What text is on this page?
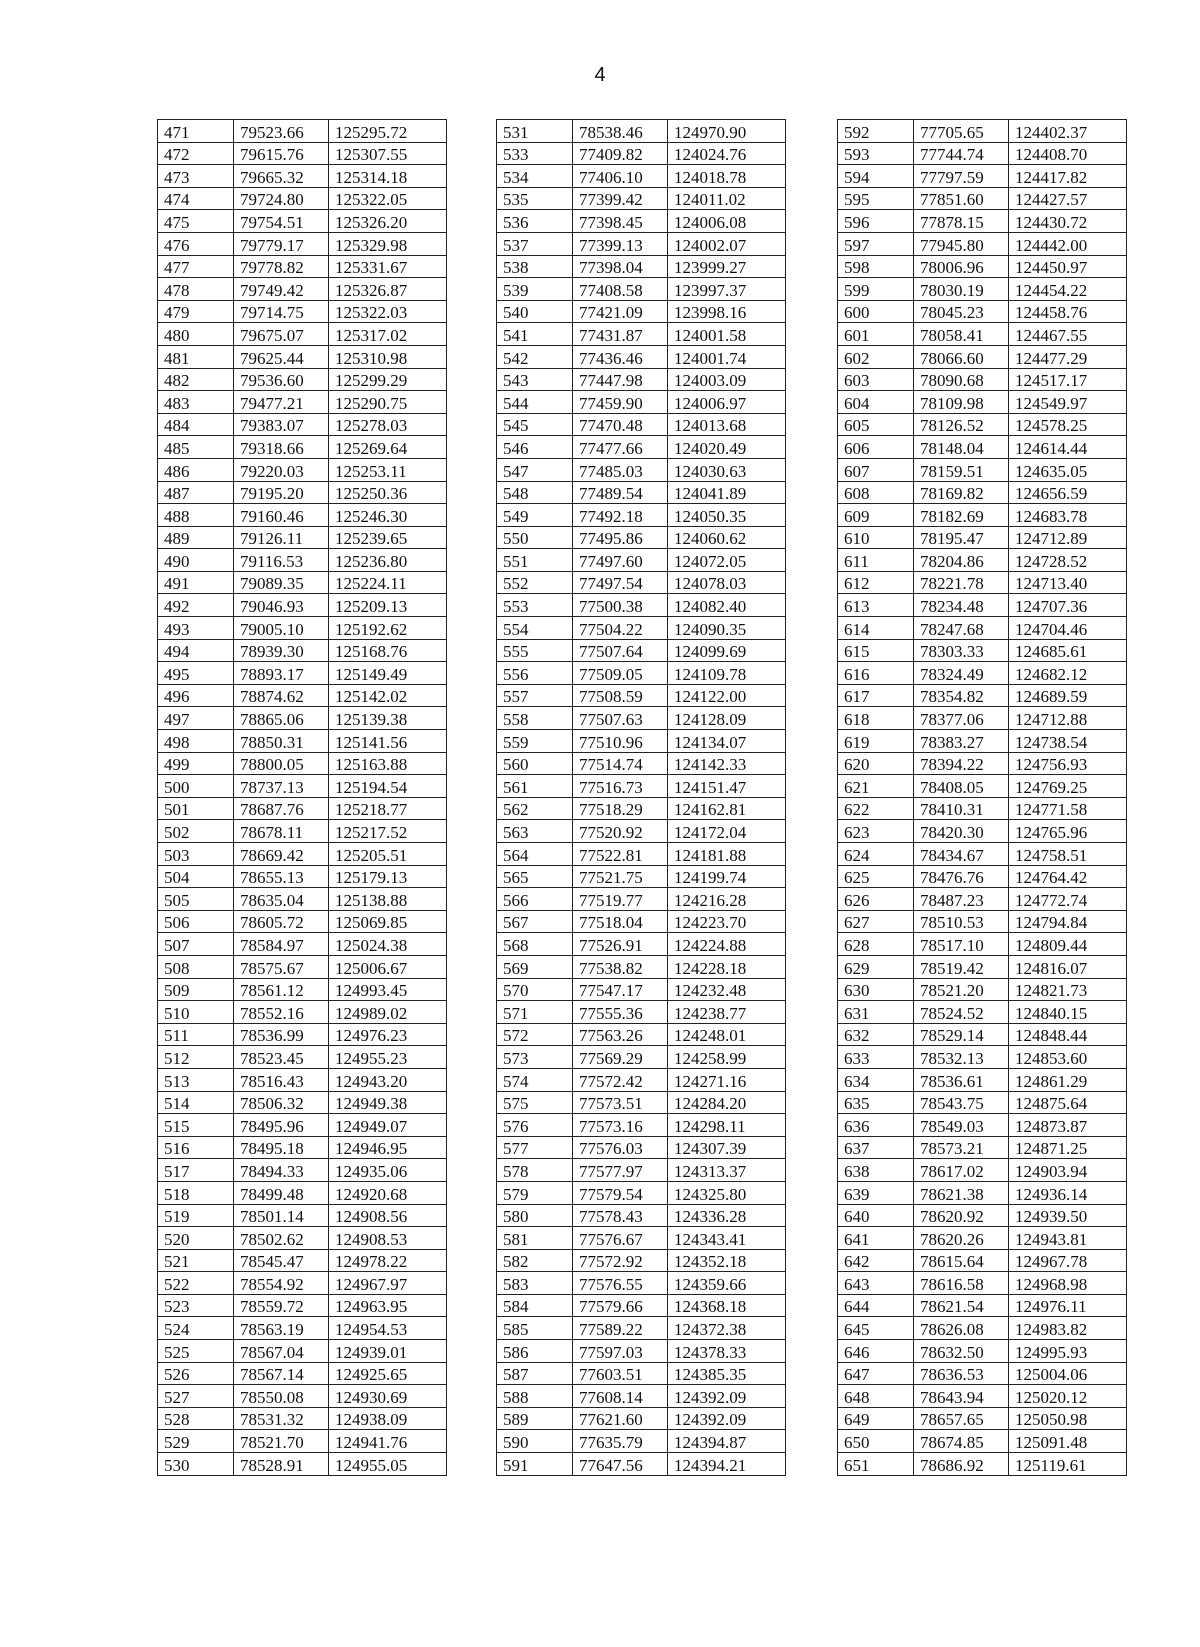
4
471	79523.66	125295.72
472	79615.76	125307.55
473	79665.32	125314.18
474	79724.80	125322.05
475	79754.51	125326.20
476	79779.17	125329.98
477	79778.82	125331.67
478	79749.42	125326.87
479	79714.75	125322.03
480	79675.07	125317.02
481	79625.44	125310.98
482	79536.60	125299.29
483	79477.21	125290.75
484	79383.07	125278.03
485	79318.66	125269.64
486	79220.03	125253.11
487	79195.20	125250.36
488	79160.46	125246.30
489	79126.11	125239.65
490	79116.53	125236.80
491	79089.35	125224.11
492	79046.93	125209.13
493	79005.10	125192.62
494	78939.30	125168.76
495	78893.17	125149.49
496	78874.62	125142.02
497	78865.06	125139.38
498	78850.31	125141.56
499	78800.05	125163.88
500	78737.13	125194.54
501	78687.76	125218.77
502	78678.11	125217.52
503	78669.42	125205.51
504	78655.13	125179.13
505	78635.04	125138.88
506	78605.72	125069.85
507	78584.97	125024.38
508	78575.67	125006.67
509	78561.12	124993.45
510	78552.16	124989.02
511	78536.99	124976.23
512	78523.45	124955.23
513	78516.43	124943.20
514	78506.32	124949.38
515	78495.96	124949.07
516	78495.18	124946.95
517	78494.33	124935.06
518	78499.48	124920.68
519	78501.14	124908.56
520	78502.62	124908.53
521	78545.47	124978.22
522	78554.92	124967.97
523	78559.72	124963.95
524	78563.19	124954.53
525	78567.04	124939.01
526	78567.14	124925.65
527	78550.08	124930.69
528	78531.32	124938.09
529	78521.70	124941.76
530	78528.91	124955.05
531	78538.46	124970.90
533	77409.82	124024.76
534	77406.10	124018.78
535	77399.42	124011.02
536	77398.45	124006.08
537	77399.13	124002.07
538	77398.04	123999.27
539	77408.58	123997.37
540	77421.09	123998.16
541	77431.87	124001.58
542	77436.46	124001.74
543	77447.98	124003.09
544	77459.90	124006.97
545	77470.48	124013.68
546	77477.66	124020.49
547	77485.03	124030.63
548	77489.54	124041.89
549	77492.18	124050.35
550	77495.86	124060.62
551	77497.60	124072.05
552	77497.54	124078.03
553	77500.38	124082.40
554	77504.22	124090.35
555	77507.64	124099.69
556	77509.05	124109.78
557	77508.59	124122.00
558	77507.63	124128.09
559	77510.96	124134.07
560	77514.74	124142.33
561	77516.73	124151.47
562	77518.29	124162.81
563	77520.92	124172.04
564	77522.81	124181.88
565	77521.75	124199.74
566	77519.77	124216.28
567	77518.04	124223.70
568	77526.91	124224.88
569	77538.82	124228.18
570	77547.17	124232.48
571	77555.36	124238.77
572	77563.26	124248.01
573	77569.29	124258.99
574	77572.42	124271.16
575	77573.51	124284.20
576	77573.16	124298.11
577	77576.03	124307.39
578	77577.97	124313.37
579	77579.54	124325.80
580	77578.43	124336.28
581	77576.67	124343.41
582	77572.92	124352.18
583	77576.55	124359.66
584	77579.66	124368.18
585	77589.22	124372.38
586	77597.03	124378.33
587	77603.51	124385.35
588	77608.14	124392.09
589	77621.60	124392.09
590	77635.79	124394.87
591	77647.56	124394.21
592	77705.65	124402.37
593	77744.74	124408.70
594	77797.59	124417.82
595	77851.60	124427.57
596	77878.15	124430.72
597	77945.80	124442.00
598	78006.96	124450.97
599	78030.19	124454.22
600	78045.23	124458.76
601	78058.41	124467.55
602	78066.60	124477.29
603	78090.68	124517.17
604	78109.98	124549.97
605	78126.52	124578.25
606	78148.04	124614.44
607	78159.51	124635.05
608	78169.82	124656.59
609	78182.69	124683.78
610	78195.47	124712.89
611	78204.86	124728.52
612	78221.78	124713.40
613	78234.48	124707.36
614	78247.68	124704.46
615	78303.33	124685.61
616	78324.49	124682.12
617	78354.82	124689.59
618	78377.06	124712.88
619	78383.27	124738.54
620	78394.22	124756.93
621	78408.05	124769.25
622	78410.31	124771.58
623	78420.30	124765.96
624	78434.67	124758.51
625	78476.76	124764.42
626	78487.23	124772.74
627	78510.53	124794.84
628	78517.10	124809.44
629	78519.42	124816.07
630	78521.20	124821.73
631	78524.52	124840.15
632	78529.14	124848.44
633	78532.13	124853.60
634	78536.61	124861.29
635	78543.75	124875.64
636	78549.03	124873.87
637	78573.21	124871.25
638	78617.02	124903.94
639	78621.38	124936.14
640	78620.92	124939.50
641	78620.26	124943.81
642	78615.64	124967.78
643	78616.58	124968.98
644	78621.54	124976.11
645	78626.08	124983.82
646	78632.50	124995.93
647	78636.53	125004.06
648	78643.94	125020.12
649	78657.65	125050.98
650	78674.85	125091.48
651	78686.92	125119.61
